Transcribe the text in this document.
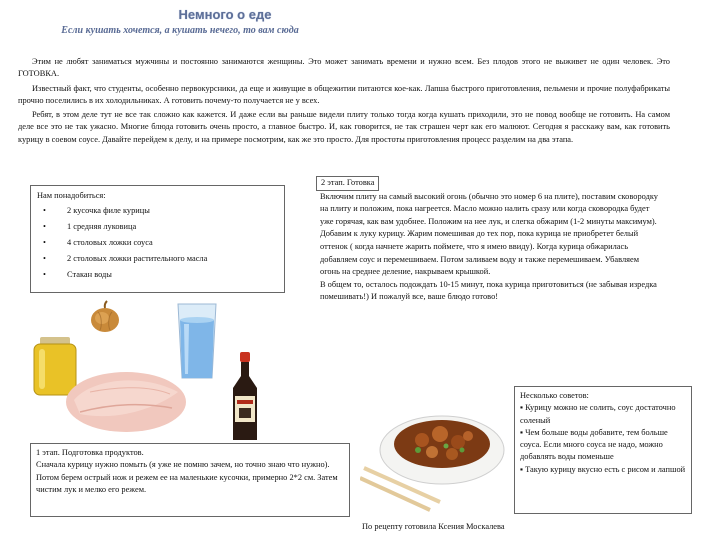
Немного о еде
Если кушать хочется, а кушать нечего, то вам сюда

Этим не любят заниматься мужчины и постоянно занимаются женщины. Это может занимать времени и нужно всем. Без плодов этого не выживет не один человек. Это ГОТОВКА.

Известный факт, что студенты, особенно первокурсники, да еще и живущие в общежитии питаются кое-как. Лапша быстрого приготовления, пельмени и прочие полуфабрикаты прочно поселились в их холодильниках. А готовить почему-то получается не у всех.

Ребят, в этом деле тут не все так сложно как кажется. И даже если вы раньше видели плиту только тогда когда кушать приходили, это не повод вообще не готовить. На самом деле все это не так ужасно. Многие блюда готовить очень просто, а главное быстро. И, как говорится, не так страшен черт как его малюют. Сегодня я расскажу вам, как готовить курицу в соевом соусе. Давайте перейдем к делу, и на примере посмотрим, как же это просто. Для простоты приготовления процесс разделим на два этапа.

Нам понадобиться:
•	2 кусочка филе курицы
•	1 средняя луковица
•	4 столовых ложки соуса
•	2 столовых ложки растительного масла
•	Стакан воды
2 этап. Готовка

Включим плиту на самый высокий огонь (обычно это номер 6 на плите), поставим сковородку на плиту и положим, пока нагреется. Масло можно налить сразу или когда сковородка будет уже горячая, как вам удобнее. Положим на нее лук, и слегка обжарим (1-2 минуты максимум). Добавим к луку курицу. Жарим помешивая до тех пор, пока курица не приобретет белый оттенок ( когда начнете жарить поймете, что я имею ввиду). Когда курица обжарилась добавляем соус и перемешиваем. Потом заливаем воду и также перемешиваем. Убавляем огонь на среднее деление, накрываем крышкой.

В общем то, осталось подождать 10-15 минут, пока курица приготовиться (не забывая изредка помешивать!) И пожалуй все, ваше блюдо готово!

1 этап. Подготовка продуктов.
Сначала курицу нужно помыть (я уже не помню зачем, но точно знаю что нужно). Потом берем острый нож и режем ее на маленькие кусочки, примерно 2*2 см. Затем чистим лук и мелко его режем.
Несколько советов:

▪ Курицу можно не солить, соус достаточно соленый

▪ Чем больше воды добавите, тем больше соуса. Если много соуса не надо, можно добавлять воды поменьше

▪ Такую курицу вкусно есть с рисом и лапшой

По рецепту готовила Ксения Москалева
